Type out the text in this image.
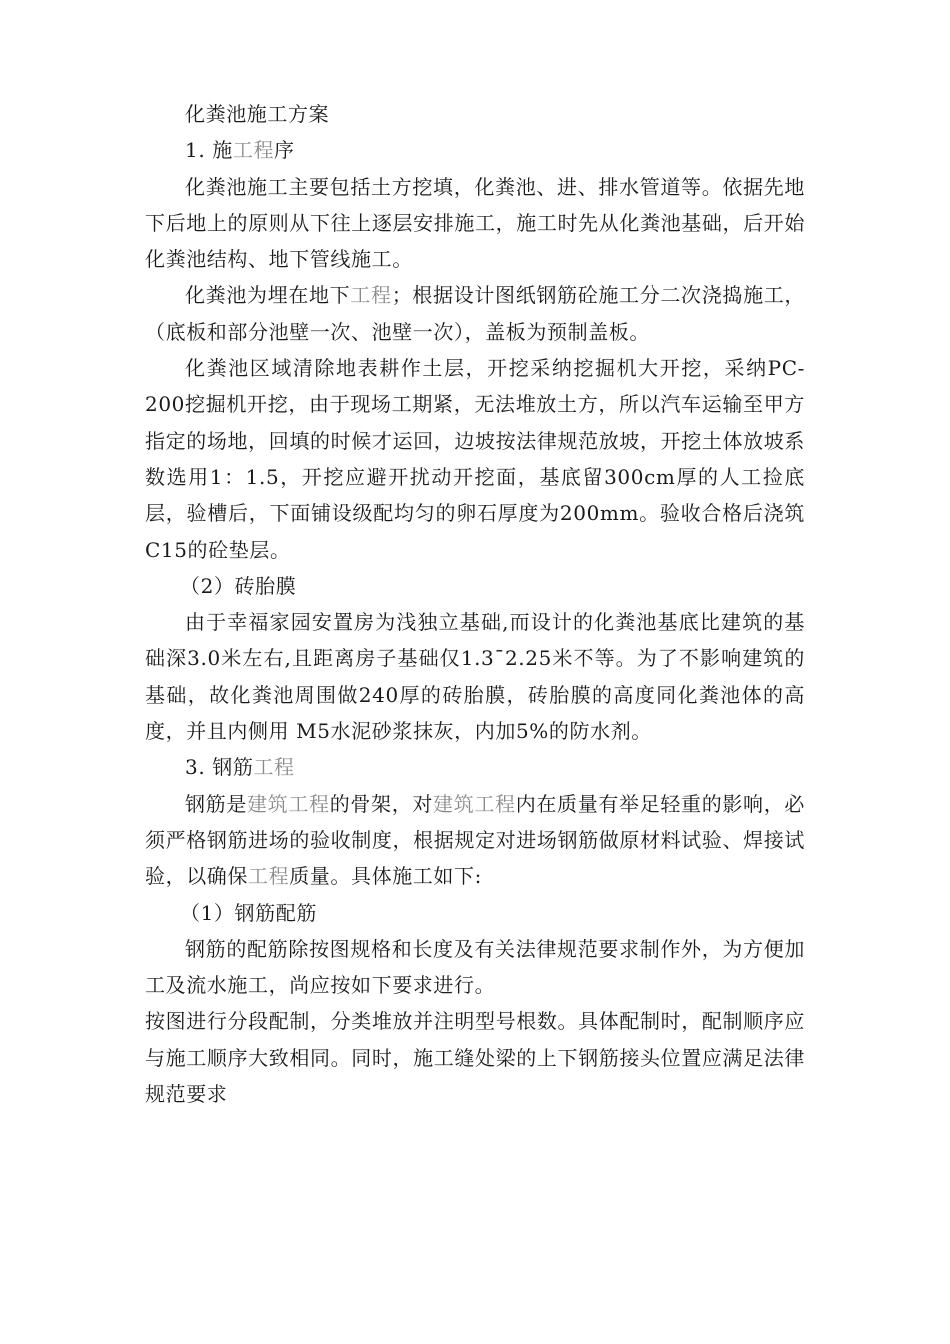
化粪池施工方案

1. 施工程序

化粪池施工主要包括土方挖填，化粪池、进、排水管道等。依据先地下后地上的原则从下往上逐层安排施工，施工时先从化粪池基础，后开始化粪池结构、地下管线施工。

化粪池为埋在地下工程；根据设计图纸钢筋砼施工分二次浇捣施工，（底板和部分池壁一次、池壁一次），盖板为预制盖板。

化粪池区域清除地表耕作土层，开挖采纳挖掘机大开挖，采纳PC-200挖掘机开挖，由于现场工期紧，无法堆放土方，所以汽车运输至甲方指定的场地，回填的时候才运回，边坡按法律规范放坡，开挖土体放坡系数选用1：1.5，开挖应避开扰动开挖面，基底留300cm厚的人工捡底层，验槽后，下面铺设级配均匀的卵石厚度为200mm。验收合格后浇筑C15的砼垫层。

（2）砖胎膜

由于幸福家园安置房为浅独立基础,而设计的化粪池基底比建筑的基础深3.0米左右,且距离房子基础仅1.3¯2.25米不等。为了不影响建筑的基础，故化粪池周围做240厚的砖胎膜，砖胎膜的高度同化粪池体的高度，并且内侧用 M5水泥砂浆抹灰，内加5%的防水剂。

3. 钢筋工程

钢筋是建筑工程的骨架，对建筑工程内在质量有举足轻重的影响，必须严格钢筋进场的验收制度，根据规定对进场钢筋做原材料试验、焊接试验，以确保工程质量。具体施工如下:

（1）钢筋配筋

钢筋的配筋除按图规格和长度及有关法律规范要求制作外，为方便加工及流水施工，尚应按如下要求进行。

按图进行分段配制，分类堆放并注明型号根数。具体配制时，配制顺序应与施工顺序大致相同。同时，施工缝处梁的上下钢筋接头位置应满足法律规范要求
